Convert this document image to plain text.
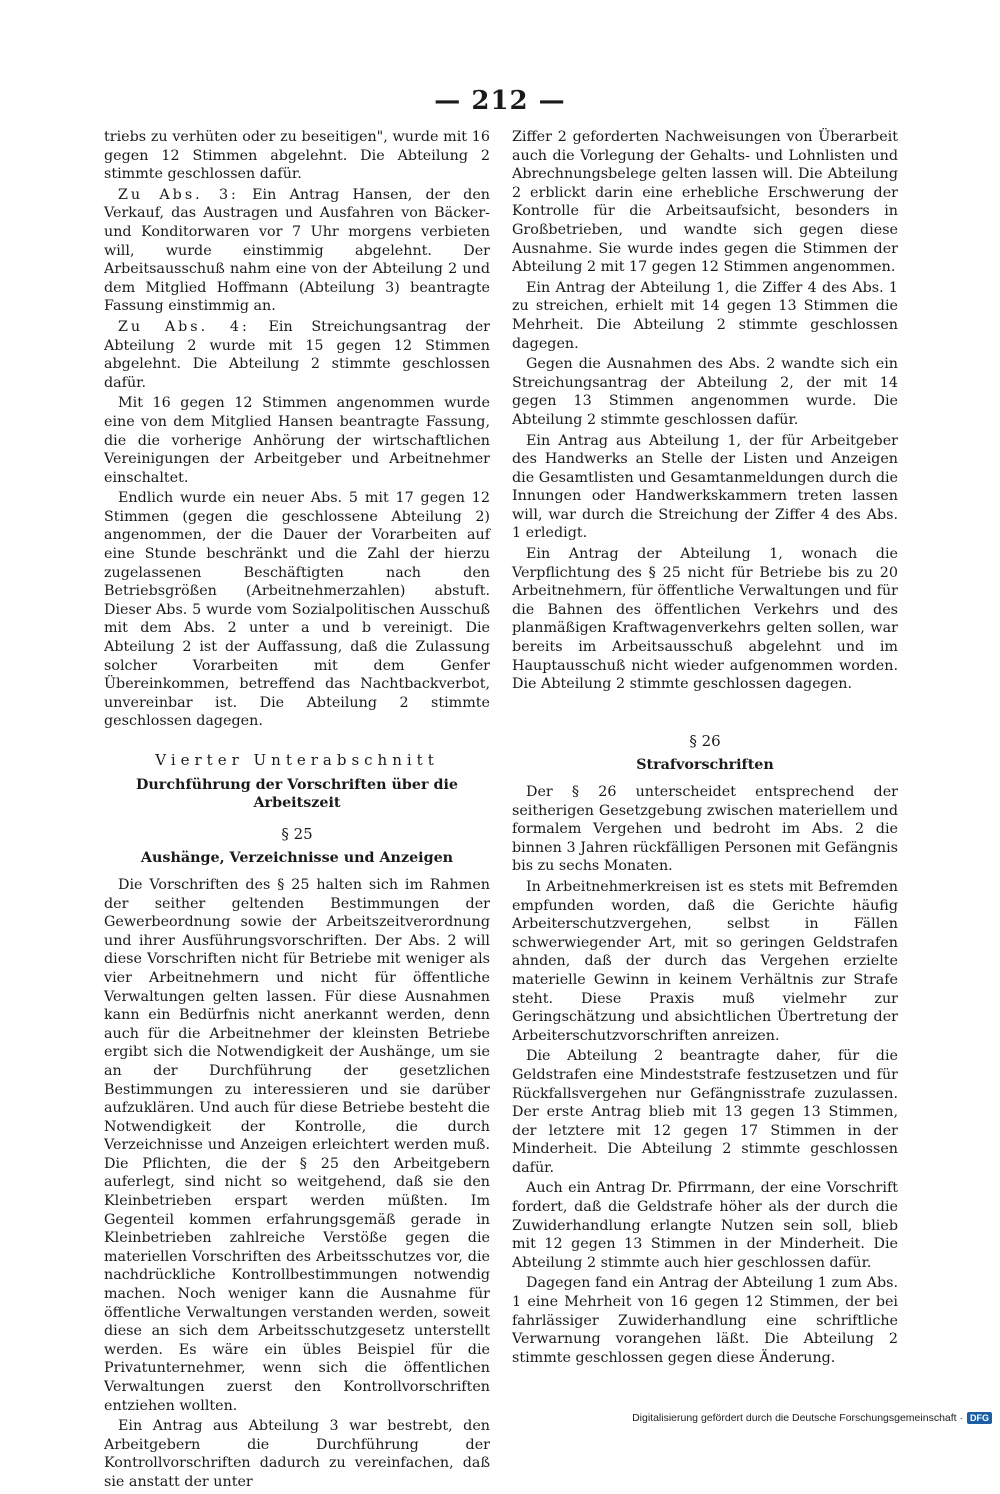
— 212 —

triebs zu verhüten oder zu beseitigen", wurde mit 16 gegen 12 Stimmen abgelehnt. Die Abteilung 2 stimmte geschlossen dafür.

Zu Abs. 3: Ein Antrag Hansen, der den Verkauf, das Austragen und Ausfahren von Bäcker- und Konditorwaren vor 7 Uhr morgens verbieten will, wurde einstimmig abgelehnt. Der Arbeitsausschuß nahm eine von der Abteilung 2 und dem Mitglied Hoffmann (Abteilung 3) beantragte Fassung einstimmig an.

Zu Abs. 4: Ein Streichungsantrag der Abteilung 2 wurde mit 15 gegen 12 Stimmen abgelehnt. Die Abteilung 2 stimmte geschlossen dafür.

Mit 16 gegen 12 Stimmen angenommen wurde eine von dem Mitglied Hansen beantragte Fassung, die die vorherige Anhörung der wirtschaftlichen Vereinigungen der Arbeitgeber und Arbeitnehmer einschaltet.

Endlich wurde ein neuer Abs. 5 mit 17 gegen 12 Stimmen (gegen die geschlossene Abteilung 2) angenommen, der die Dauer der Vorarbeiten auf eine Stunde beschränkt und die Zahl der hierzu zugelassenen Beschäftigten nach den Betriebsgrößen (Arbeitnehmerzahlen) abstuft. Dieser Abs. 5 wurde vom Sozialpolitischen Ausschuß mit dem Abs. 2 unter a und b vereinigt. Die Abteilung 2 ist der Auffassung, daß die Zulassung solcher Vorarbeiten mit dem Genfer Übereinkommen, betreffend das Nachtbackverbot, unvereinbar ist. Die Abteilung 2 stimmte geschlossen dagegen.

Vierter Unterabschnitt
Durchführung der Vorschriften über die Arbeitszeit
§ 25
Aushänge, Verzeichnisse und Anzeigen

Die Vorschriften des § 25 halten sich im Rahmen der seither geltenden Bestimmungen der Gewerbeordnung sowie der Arbeitszeitverordnung und ihrer Ausführungsvorschriften. Der Abs. 2 will diese Vorschriften nicht für Betriebe mit weniger als vier Arbeitnehmern und nicht für öffentliche Verwaltungen gelten lassen. Für diese Ausnahmen kann ein Bedürfnis nicht anerkannt werden, denn auch für die Arbeitnehmer der kleinsten Betriebe ergibt sich die Notwendigkeit der Aushänge, um sie an der Durchführung der gesetzlichen Bestimmungen zu interessieren und sie darüber aufzuklären. Und auch für diese Betriebe besteht die Notwendigkeit der Kontrolle, die durch Verzeichnisse und Anzeigen erleichtert werden muß. Die Pflichten, die der § 25 den Arbeitgebern auferlegt, sind nicht so weitgehend, daß sie den Kleinbetrieben erspart werden müßten. Im Gegenteil kommen erfahrungsgemäß gerade in Kleinbetrieben zahlreiche Verstöße gegen die materiellen Vorschriften des Arbeitsschutzes vor, die nachdrückliche Kontrollbestimmungen notwendig machen. Noch weniger kann die Ausnahme für öffentliche Verwaltungen verstanden werden, soweit diese an sich dem Arbeitsschutzgesetz unterstellt werden. Es wäre ein übles Beispiel für die Privatunternehmer, wenn sich die öffentlichen Verwaltungen zuerst den Kontrollvorschriften entziehen wollten.

Ein Antrag aus Abteilung 3 war bestrebt, den Arbeitgebern die Durchführung der Kontrollvorschriften dadurch zu vereinfachen, daß sie anstatt der unter

Ziffer 2 geforderten Nachweisungen von Überarbeit auch die Vorlegung der Gehalts- und Lohnlisten und Abrechnungsbelege gelten lassen will. Die Abteilung 2 erblickt darin eine erhebliche Erschwerung der Kontrolle für die Arbeitsaufsicht, besonders in Großbetrieben, und wandte sich gegen diese Ausnahme. Sie wurde indes gegen die Stimmen der Abteilung 2 mit 17 gegen 12 Stimmen angenommen.

Ein Antrag der Abteilung 1, die Ziffer 4 des Abs. 1 zu streichen, erhielt mit 14 gegen 13 Stimmen die Mehrheit. Die Abteilung 2 stimmte geschlossen dagegen.

Gegen die Ausnahmen des Abs. 2 wandte sich ein Streichungsantrag der Abteilung 2, der mit 14 gegen 13 Stimmen angenommen wurde. Die Abteilung 2 stimmte geschlossen dafür.

Ein Antrag aus Abteilung 1, der für Arbeitgeber des Handwerks an Stelle der Listen und Anzeigen die Gesamtlisten und Gesamtanmeldungen durch die Innungen oder Handwerkskammern treten lassen will, war durch die Streichung der Ziffer 4 des Abs. 1 erledigt.

Ein Antrag der Abteilung 1, wonach die Verpflichtung des § 25 nicht für Betriebe bis zu 20 Arbeitnehmern, für öffentliche Verwaltungen und für die Bahnen des öffentlichen Verkehrs und des planmäßigen Kraftwagenverkehrs gelten sollen, war bereits im Arbeitsausschuß abgelehnt und im Hauptausschuß nicht wieder aufgenommen worden. Die Abteilung 2 stimmte geschlossen dagegen.

§ 26
Strafvorschriften

Der § 26 unterscheidet entsprechend der seitherigen Gesetzgebung zwischen materiellem und formalem Vergehen und bedroht im Abs. 2 die binnen 3 Jahren rückfälligen Personen mit Gefängnis bis zu sechs Monaten.

In Arbeitnehmerkreisen ist es stets mit Befremden empfunden worden, daß die Gerichte häufig Arbeiterschutzvergehen, selbst in Fällen schwerwiegender Art, mit so geringen Geldstrafen ahnden, daß der durch das Vergehen erzielte materielle Gewinn in keinem Verhältnis zur Strafe steht. Diese Praxis muß vielmehr zur Geringschätzung und absichtlichen Übertretung der Arbeiterschutzvorschriften anreizen.

Die Abteilung 2 beantragte daher, für die Geldstrafen eine Mindeststrafe festzusetzen und für Rückfallsvergehen nur Gefängnisstrafe zuzulassen. Der erste Antrag blieb mit 13 gegen 13 Stimmen, der letztere mit 12 gegen 17 Stimmen in der Minderheit. Die Abteilung 2 stimmte geschlossen dafür.

Auch ein Antrag Dr. Pfirrmann, der eine Vorschrift fordert, daß die Geldstrafe höher als der durch die Zuwiderhandlung erlangte Nutzen sein soll, blieb mit 12 gegen 13 Stimmen in der Minderheit. Die Abteilung 2 stimmte auch hier geschlossen dafür.

Dagegen fand ein Antrag der Abteilung 1 zum Abs. 1 eine Mehrheit von 16 gegen 12 Stimmen, der bei fahrlässiger Zuwiderhandlung eine schriftliche Verwarnung vorangehen läßt. Die Abteilung 2 stimmte geschlossen gegen diese Änderung.

Digitalisierung gefördert durch die Deutsche Forschungsgemeinschaft · DFG
